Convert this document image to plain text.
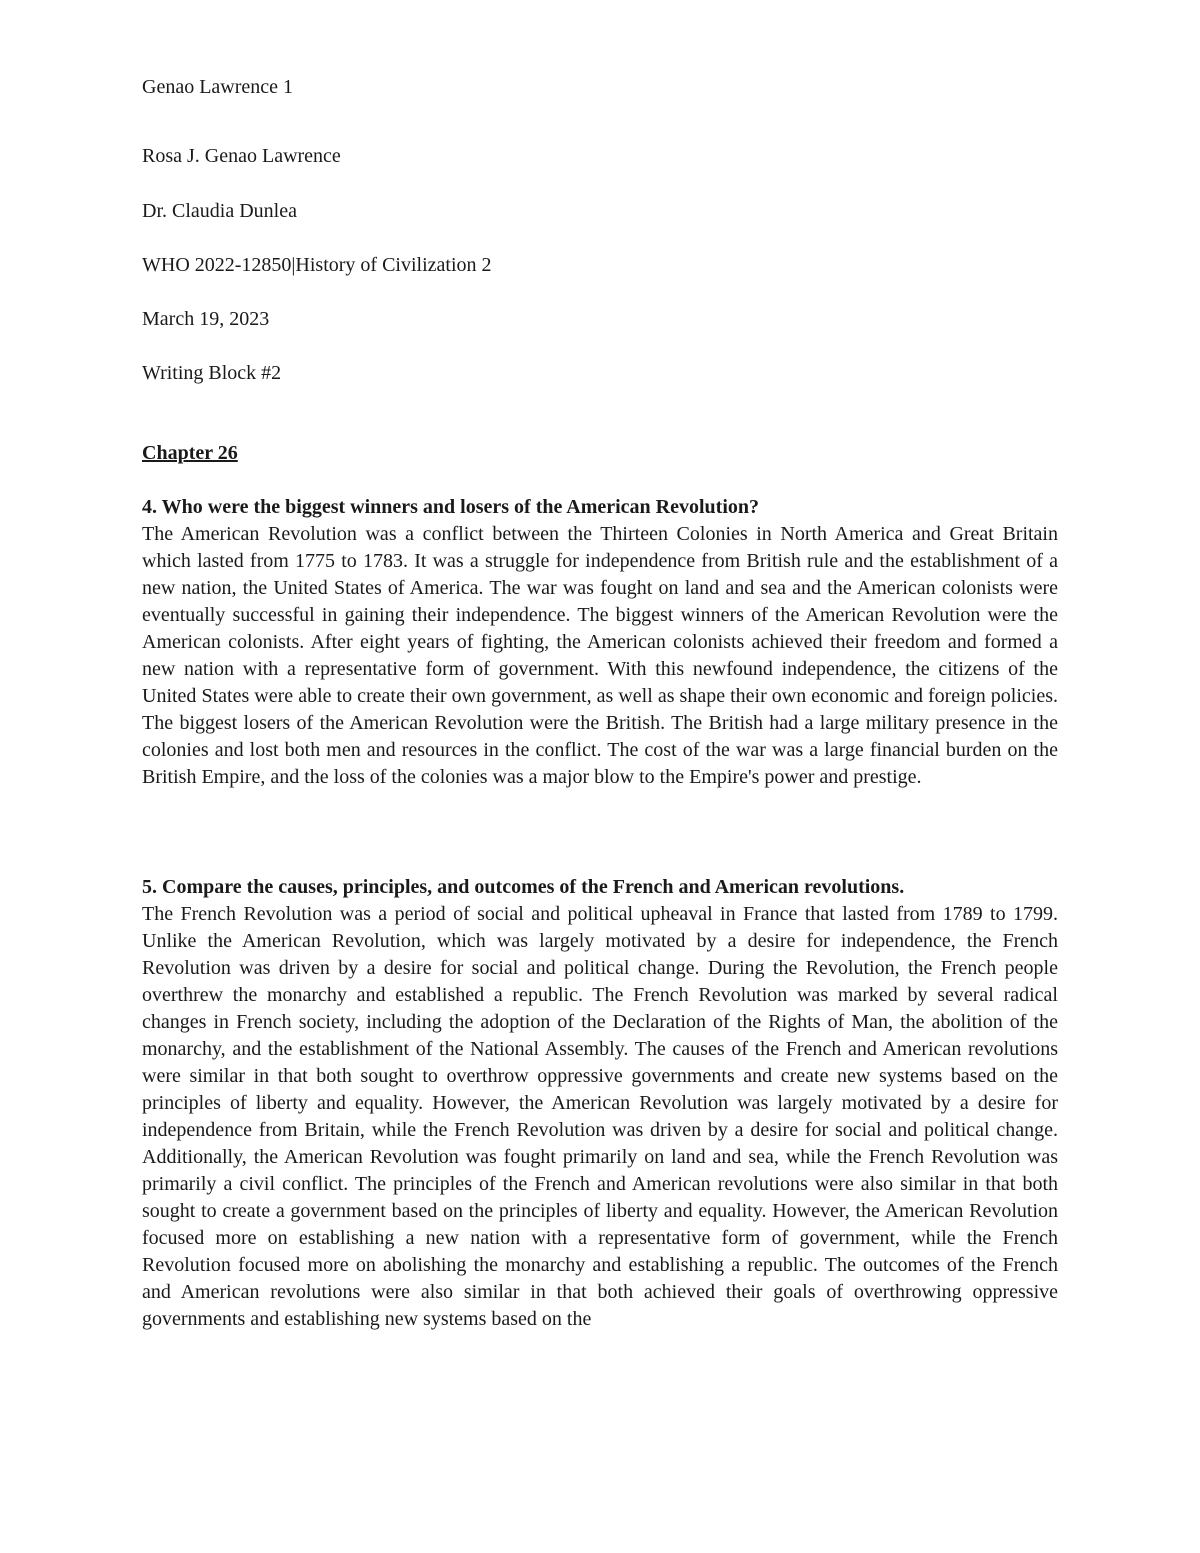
Genao Lawrence 1

Rosa J. Genao Lawrence

Dr. Claudia Dunlea

WHO 2022-12850|History of Civilization 2

March 19, 2023

Writing Block #2

Chapter 26

4. Who were the biggest winners and losers of the American Revolution?

The American Revolution was a conflict between the Thirteen Colonies in North America and Great Britain which lasted from 1775 to 1783. It was a struggle for independence from British rule and the establishment of a new nation, the United States of America. The war was fought on land and sea and the American colonists were eventually successful in gaining their independence. The biggest winners of the American Revolution were the American colonists. After eight years of fighting, the American colonists achieved their freedom and formed a new nation with a representative form of government. With this newfound independence, the citizens of the United States were able to create their own government, as well as shape their own economic and foreign policies. The biggest losers of the American Revolution were the British. The British had a large military presence in the colonies and lost both men and resources in the conflict. The cost of the war was a large financial burden on the British Empire, and the loss of the colonies was a major blow to the Empire's power and prestige.

5. Compare the causes, principles, and outcomes of the French and American revolutions.

The French Revolution was a period of social and political upheaval in France that lasted from 1789 to 1799. Unlike the American Revolution, which was largely motivated by a desire for independence, the French Revolution was driven by a desire for social and political change. During the Revolution, the French people overthrew the monarchy and established a republic. The French Revolution was marked by several radical changes in French society, including the adoption of the Declaration of the Rights of Man, the abolition of the monarchy, and the establishment of the National Assembly. The causes of the French and American revolutions were similar in that both sought to overthrow oppressive governments and create new systems based on the principles of liberty and equality. However, the American Revolution was largely motivated by a desire for independence from Britain, while the French Revolution was driven by a desire for social and political change. Additionally, the American Revolution was fought primarily on land and sea, while the French Revolution was primarily a civil conflict. The principles of the French and American revolutions were also similar in that both sought to create a government based on the principles of liberty and equality. However, the American Revolution focused more on establishing a new nation with a representative form of government, while the French Revolution focused more on abolishing the monarchy and establishing a republic. The outcomes of the French and American revolutions were also similar in that both achieved their goals of overthrowing oppressive governments and establishing new systems based on the
